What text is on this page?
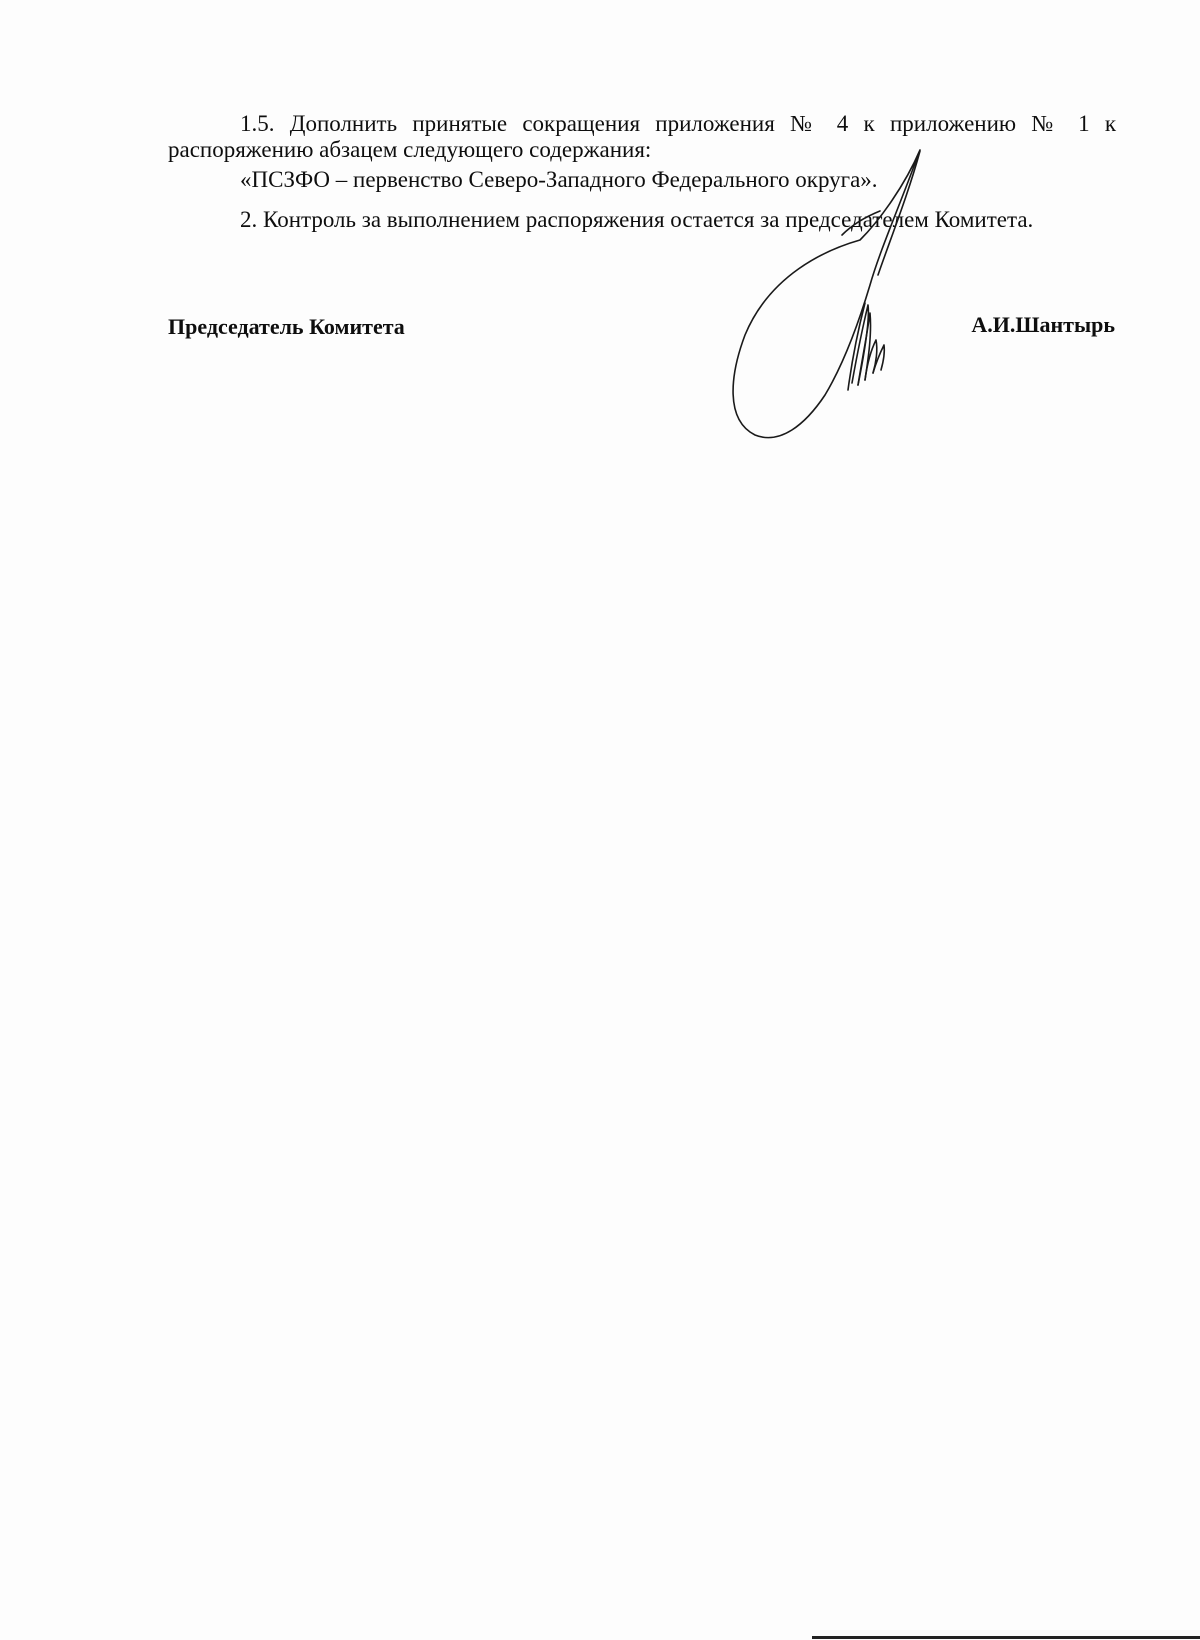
1.5. Дополнить принятые сокращения приложения № 4 к приложению № 1 к распоряжению абзацем следующего содержания:

«ПСЗФО – первенство Северо-Западного Федерального округа».

2. Контроль за выполнением распоряжения остается за председателем Комитета.

Председатель Комитета	А.И.Шантырь
